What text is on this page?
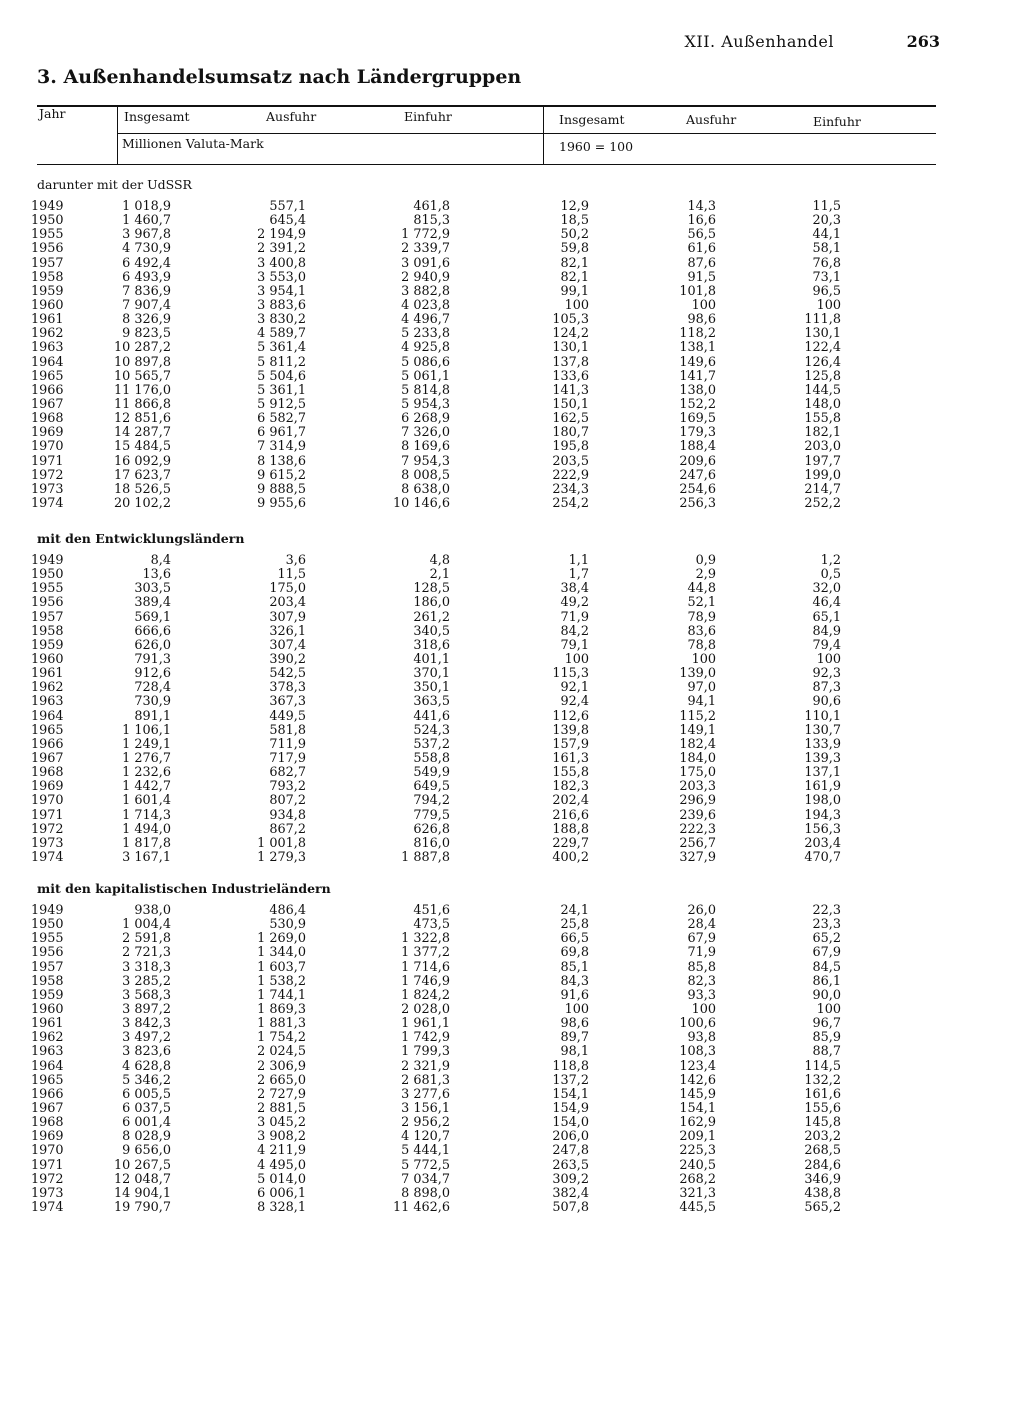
XII. Außenhandel	263
3. Außenhandelsumsatz nach Ländergruppen
Jahr	Insgesamt	Ausfuhr	Einfuhr	Insgesamt	Ausfuhr	Einfuhr
Millionen Valuta-Mark	1960 = 100
darunter mit der UdSSR
1949	1 018,9	557,1	461,8	12,9	14,3	11,5
1950	1 460,7	645,4	815,3	18,5	16,6	20,3
1955	3 967,8	2 194,9	1 772,9	50,2	56,5	44,1
1956	4 730,9	2 391,2	2 339,7	59,8	61,6	58,1
1957	6 492,4	3 400,8	3 091,6	82,1	87,6	76,8
1958	6 493,9	3 553,0	2 940,9	82,1	91,5	73,1
1959	7 836,9	3 954,1	3 882,8	99,1	101,8	96,5
1960	7 907,4	3 883,6	4 023,8	100	100	100
1961	8 326,9	3 830,2	4 496,7	105,3	98,6	111,8
1962	9 823,5	4 589,7	5 233,8	124,2	118,2	130,1
1963	10 287,2	5 361,4	4 925,8	130,1	138,1	122,4
1964	10 897,8	5 811,2	5 086,6	137,8	149,6	126,4
1965	10 565,7	5 504,6	5 061,1	133,6	141,7	125,8
1966	11 176,0	5 361,1	5 814,8	141,3	138,0	144,5
1967	11 866,8	5 912,5	5 954,3	150,1	152,2	148,0
1968	12 851,6	6 582,7	6 268,9	162,5	169,5	155,8
1969	14 287,7	6 961,7	7 326,0	180,7	179,3	182,1
1970	15 484,5	7 314,9	8 169,6	195,8	188,4	203,0
1971	16 092,9	8 138,6	7 954,3	203,5	209,6	197,7
1972	17 623,7	9 615,2	8 008,5	222,9	247,6	199,0
1973	18 526,5	9 888,5	8 638,0	234,3	254,6	214,7
1974	20 102,2	9 955,6	10 146,6	254,2	256,3	252,2
mit den Entwicklungsländern
1949	8,4	3,6	4,8	1,1	0,9	1,2
1950	13,6	11,5	2,1	1,7	2,9	0,5
1955	303,5	175,0	128,5	38,4	44,8	32,0
1956	389,4	203,4	186,0	49,2	52,1	46,4
1957	569,1	307,9	261,2	71,9	78,9	65,1
1958	666,6	326,1	340,5	84,2	83,6	84,9
1959	626,0	307,4	318,6	79,1	78,8	79,4
1960	791,3	390,2	401,1	100	100	100
1961	912,6	542,5	370,1	115,3	139,0	92,3
1962	728,4	378,3	350,1	92,1	97,0	87,3
1963	730,9	367,3	363,5	92,4	94,1	90,6
1964	891,1	449,5	441,6	112,6	115,2	110,1
1965	1 106,1	581,8	524,3	139,8	149,1	130,7
1966	1 249,1	711,9	537,2	157,9	182,4	133,9
1967	1 276,7	717,9	558,8	161,3	184,0	139,3
1968	1 232,6	682,7	549,9	155,8	175,0	137,1
1969	1 442,7	793,2	649,5	182,3	203,3	161,9
1970	1 601,4	807,2	794,2	202,4	296,9	198,0
1971	1 714,3	934,8	779,5	216,6	239,6	194,3
1972	1 494,0	867,2	626,8	188,8	222,3	156,3
1973	1 817,8	1 001,8	816,0	229,7	256,7	203,4
1974	3 167,1	1 279,3	1 887,8	400,2	327,9	470,7
mit den kapitalistischen Industrieländern
1949	938,0	486,4	451,6	24,1	26,0	22,3
1950	1 004,4	530,9	473,5	25,8	28,4	23,3
1955	2 591,8	1 269,0	1 322,8	66,5	67,9	65,2
1956	2 721,3	1 344,0	1 377,2	69,8	71,9	67,9
1957	3 318,3	1 603,7	1 714,6	85,1	85,8	84,5
1958	3 285,2	1 538,2	1 746,9	84,3	82,3	86,1
1959	3 568,3	1 744,1	1 824,2	91,6	93,3	90,0
1960	3 897,2	1 869,3	2 028,0	100	100	100
1961	3 842,3	1 881,3	1 961,1	98,6	100,6	96,7
1962	3 497,2	1 754,2	1 742,9	89,7	93,8	85,9
1963	3 823,6	2 024,5	1 799,3	98,1	108,3	88,7
1964	4 628,8	2 306,9	2 321,9	118,8	123,4	114,5
1965	5 346,2	2 665,0	2 681,3	137,2	142,6	132,2
1966	6 005,5	2 727,9	3 277,6	154,1	145,9	161,6
1967	6 037,5	2 881,5	3 156,1	154,9	154,1	155,6
1968	6 001,4	3 045,2	2 956,2	154,0	162,9	145,8
1969	8 028,9	3 908,2	4 120,7	206,0	209,1	203,2
1970	9 656,0	4 211,9	5 444,1	247,8	225,3	268,5
1971	10 267,5	4 495,0	5 772,5	263,5	240,5	284,6
1972	12 048,7	5 014,0	7 034,7	309,2	268,2	346,9
1973	14 904,1	6 006,1	8 898,0	382,4	321,3	438,8
1974	19 790,7	8 328,1	11 462,6	507,8	445,5	565,2
